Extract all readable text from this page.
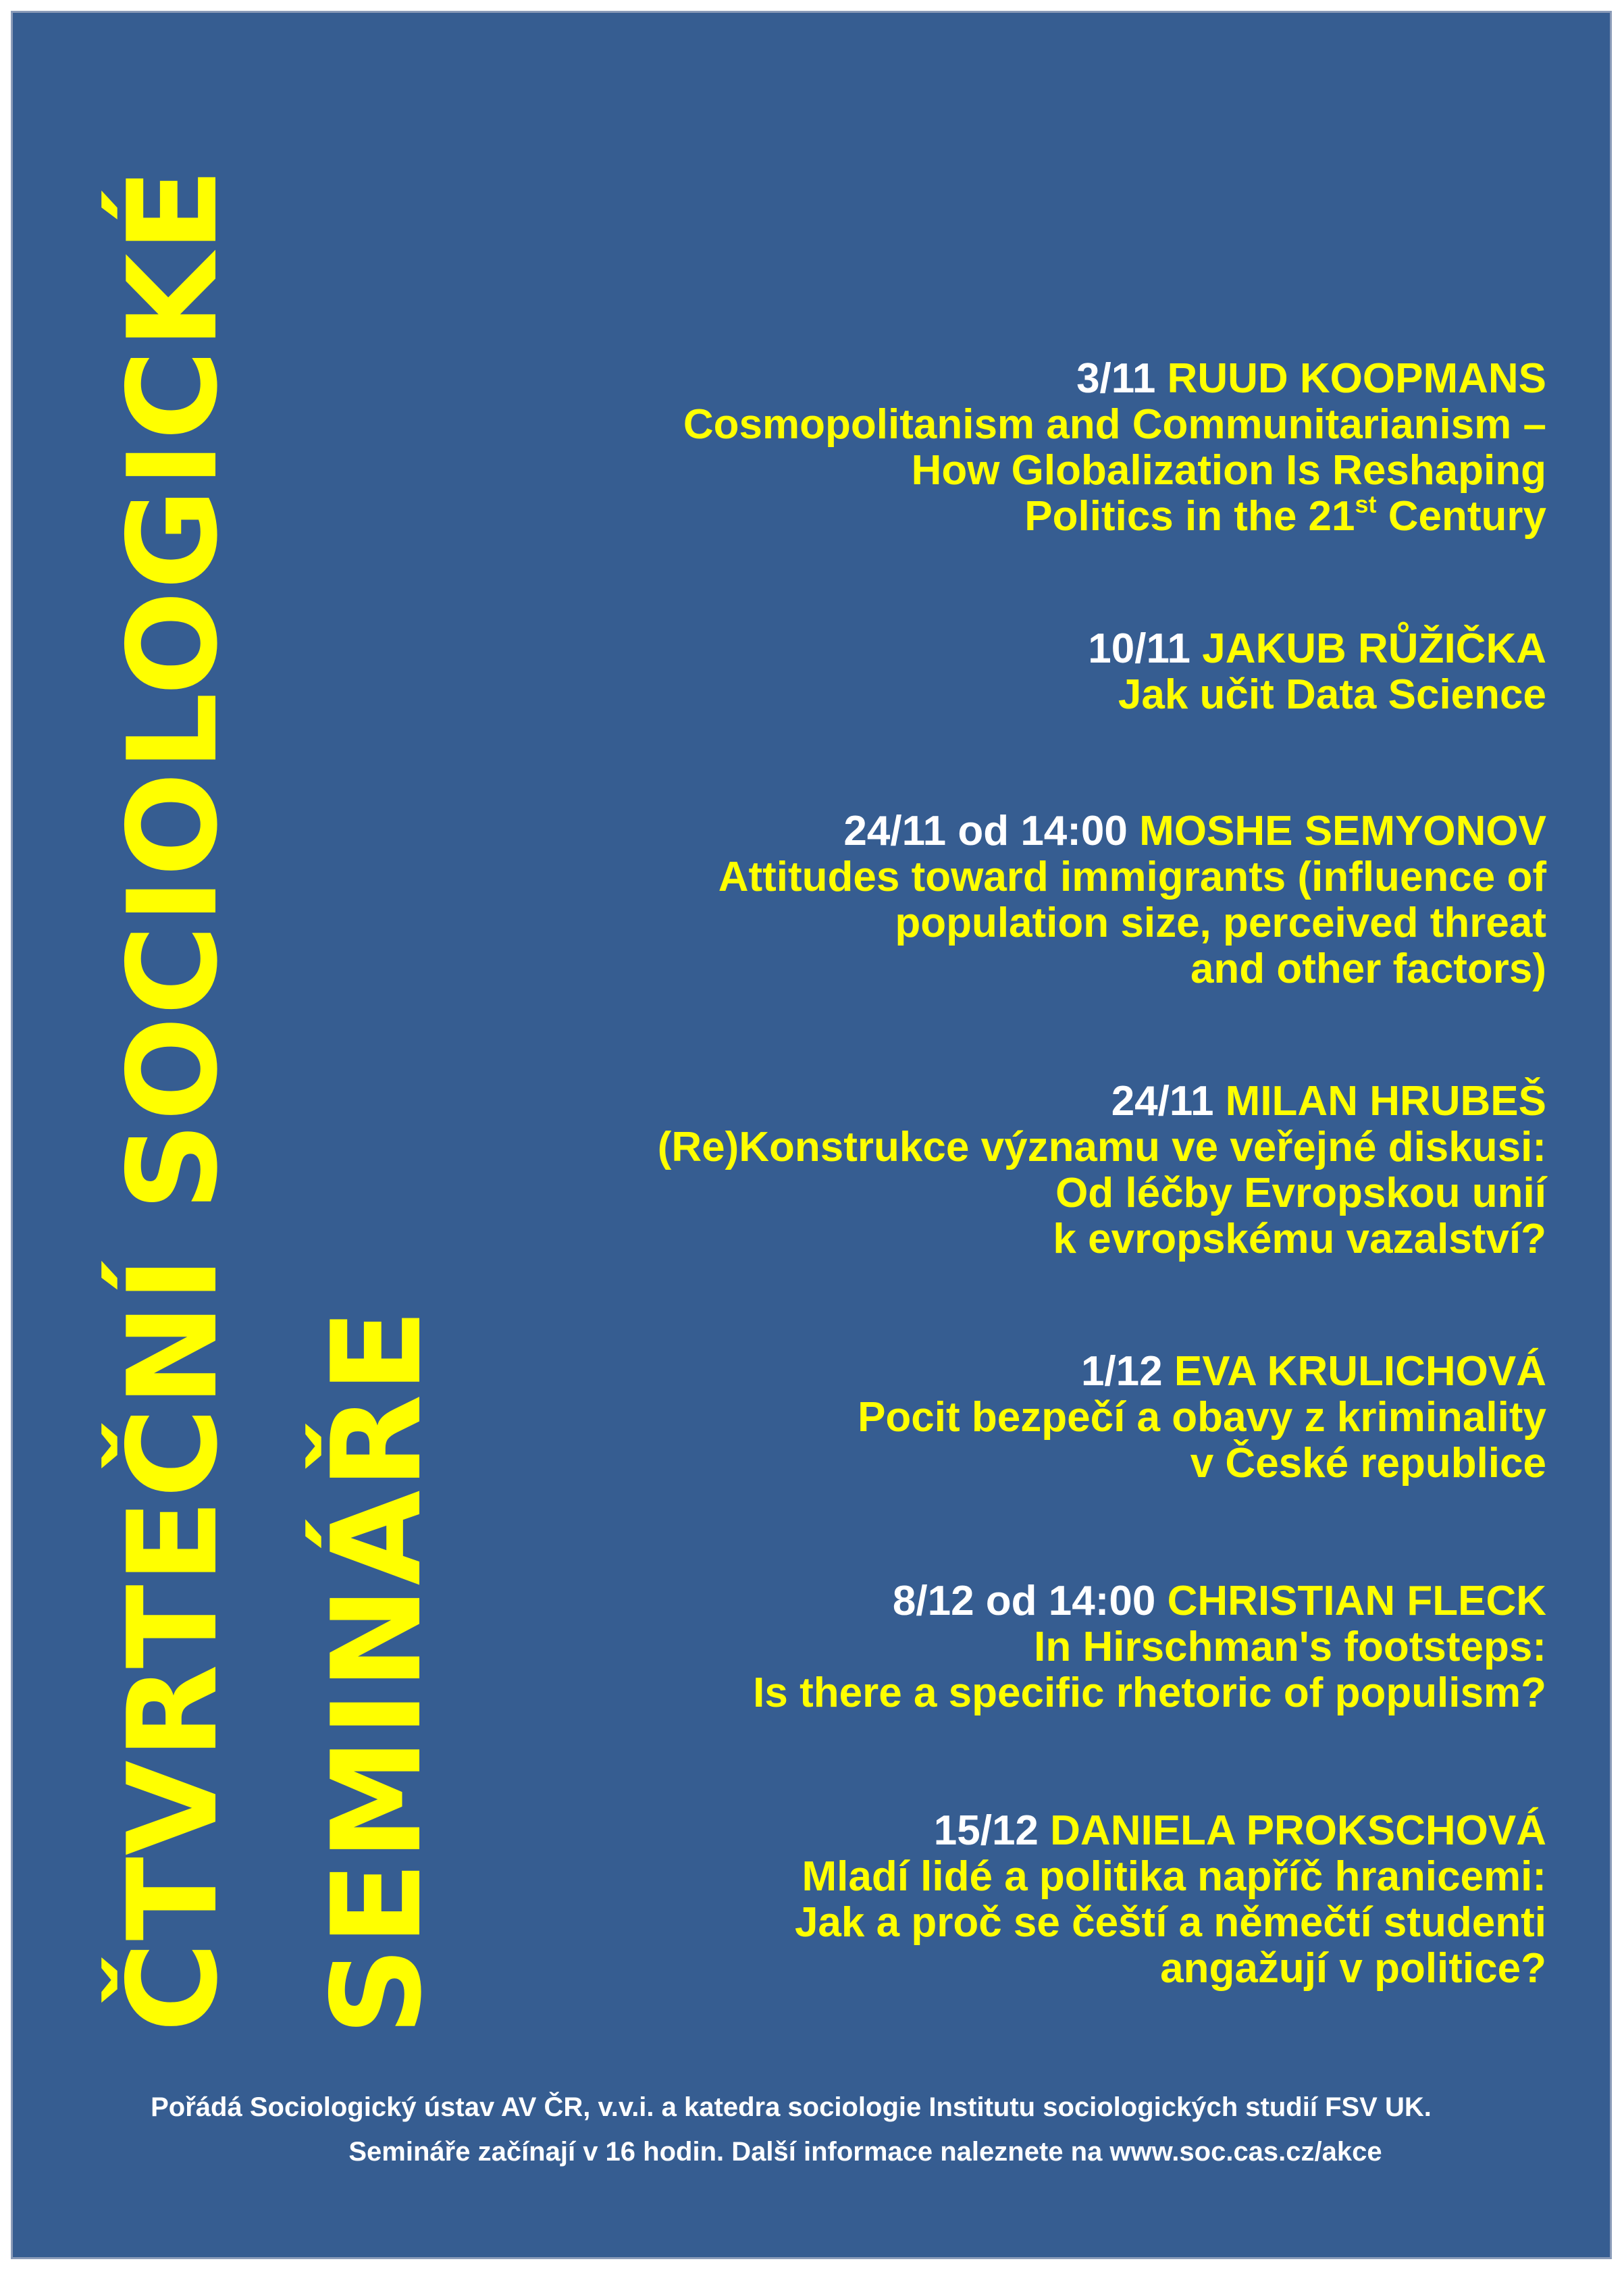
ČTVRTEČNÍ SOCIOLOGICKÉ SEMINÁŘE
3/11 RUUD KOOPMANS
Cosmopolitanism and Communitarianism –
How Globalization Is Reshaping
Politics in the 21st Century
10/11 JAKUB RŮŽIČKA
Jak učit Data Science
24/11 od 14:00 MOSHE SEMYONOV
Attitudes toward immigrants (influence of
population size, perceived threat
and other factors)
24/11 MILAN HRUBEŠ
(Re)Konstrukce významu ve veřejné diskusi:
Od léčby Evropskou unií
k evropskému vazalství?
1/12 EVA KRULICHOVÁ
Pocit bezpečí a obavy z kriminality
v České republice
8/12 od 14:00 CHRISTIAN FLECK
In Hirschman's footsteps:
Is there a specific rhetoric of populism?
15/12 DANIELA PROKSCHOVÁ
Mladí lidé a politika napříč hranicemi:
Jak a proč se čeští a němečtí studenti
angažují v politice?
Pořádá Sociologický ústav AV ČR, v.v.i. a katedra sociologie Institutu sociologických studií FSV UK.
Semináře začínají v 16 hodin. Další informace naleznete na www.soc.cas.cz/akce
